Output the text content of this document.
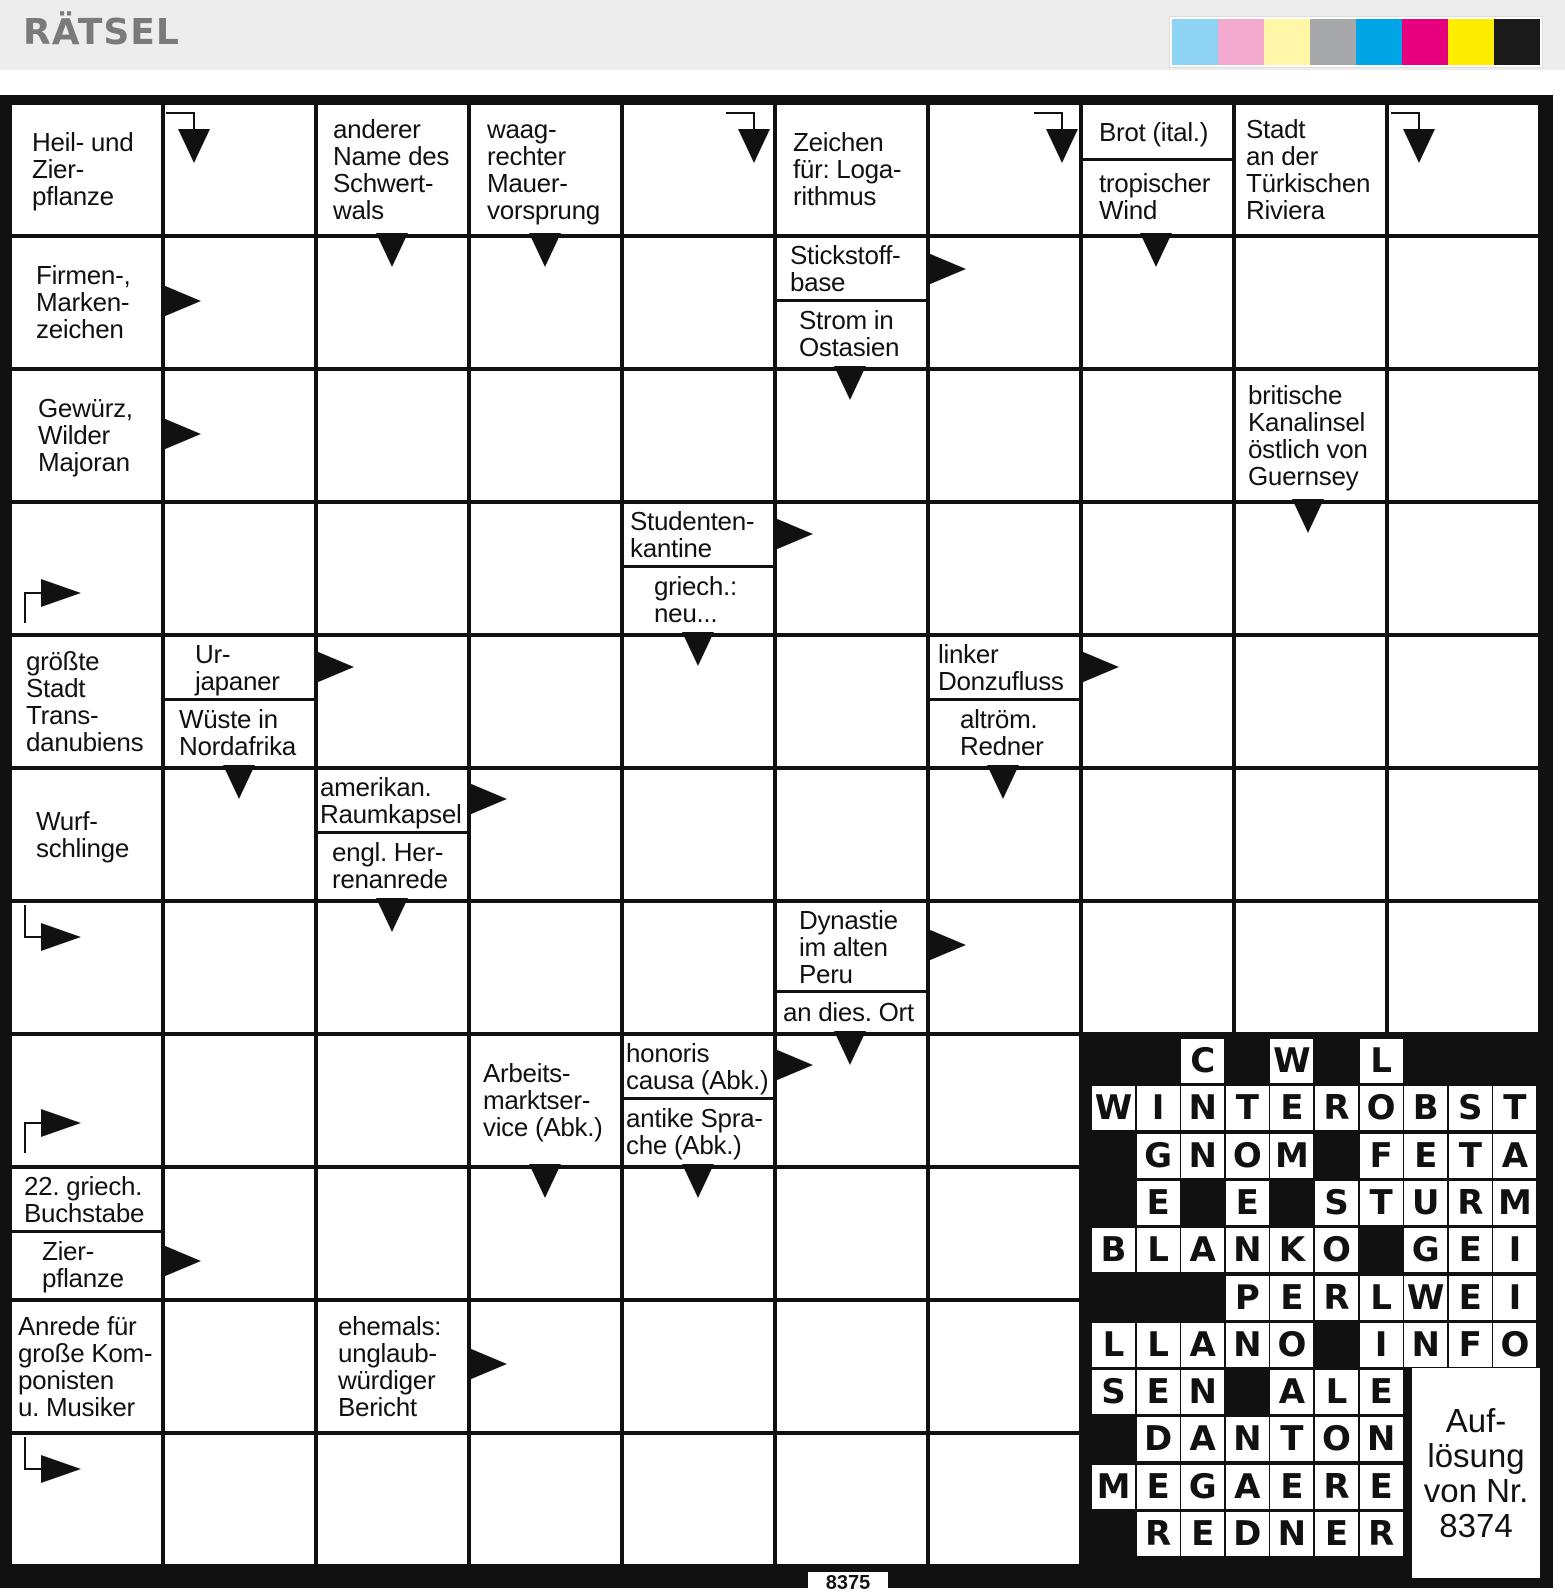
RÄTSEL
Heil- und
Zier-
pflanze
anderer
Name des
Schwert-
wals
waag-
rechter
Mauer-
vorsprung
Zeichen
für: Loga-
rithmus
Brot (ital.)
tropischer
Wind
Stadt
an der
Türkischen
Riviera
Firmen-,
Marken-
zeichen
Stickstoff-
base
Strom in
Ostasien
Gewürz,
Wilder
Majoran
britische
Kanalinsel
östlich von
Guernsey
Studenten-
kantine
griech.:
neu...
größte
Stadt
Trans-
danubiens
Ur-
japaner
Wüste in
Nordafrika
linker
Donzufluss
altröm.
Redner
Wurf-
schlinge
amerikan.
Raumkapsel
engl. Her-
renanrede
Dynastie
im alten
Peru
an dies. Ort
Arbeits-
marktser-
vice (Abk.)
honoris
causa (Abk.)
antike Spra-
che (Abk.)
22. griech.
Buchstabe
Zier-
pflanze
Anrede für
große Kom-
ponisten
u. Musiker
ehemals:
unglaub-
würdiger
Bericht
8375
C W	L
W I N T E R O B S T
G N O M F E T A
E E S T U R M
B L A N K O G E I
P E R L W E I
L L A N O	I N F O
S E N A L E
D A N T O N
M E G A E R E
R E D N E R
Auf-
lösung
von Nr.
8374
